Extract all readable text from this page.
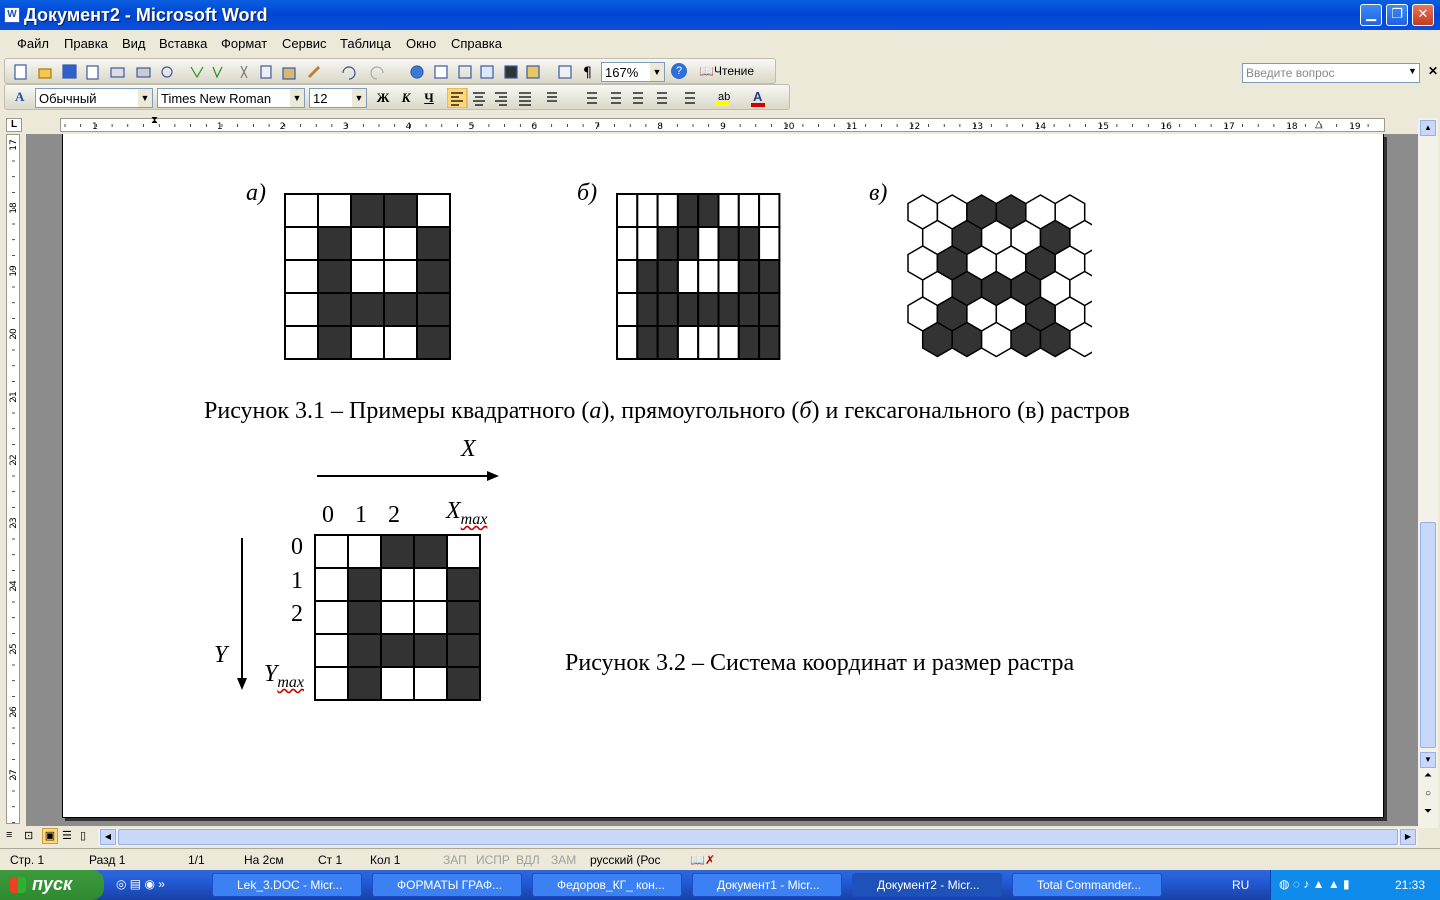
W Документ2 - Microsoft Word	▁	❐	✕
Файл Правка Вид Вставка Формат Сервис Таблица Окно Справка
Введите вопрос	▼ ✕
¶	167% ▼	?	📖Чтение
A	Обычный	▼ Times New Roman ▼ 12	▼ Ж К	Ч	ab A
L	1	1	2	3	4	5	6	7	8	9	10	11	12	13	14	15	16	17	18	19
⧗	△
17
18
19
20
21
22
23
24
25
26
27
а)	б)	в)
Рисунок 3.1 – Примеры квадратного (а), прямоугольного (б) и гексагонального (в) растров
X
0 1 2 $X_{max}$
0
1
2
$Y_{max}$
Y	Рисунок 3.2 – Система координат и размер растра
▲
▼
⏶
○
⏷
≡ ⊡ ▣ ☰ ▯	◀	▶
Стр. 1	Разд 1	1/1	На 2см	Ст 1 Кол 1	ЗАП ИСПР ВДЛ ЗАМ русский (Рос 📖✗
пуск	◎ ▤ ◉ »	Lek_3.DOC - Micr...	ФОРМАТЫ ГРАФ...	Федоров_КГ_ кон...	Документ1 - Micr...	Документ2 - Micr...	Total Commander...	RU ◍ ◌ ♪ ▲ ▲ ▮	21:33
